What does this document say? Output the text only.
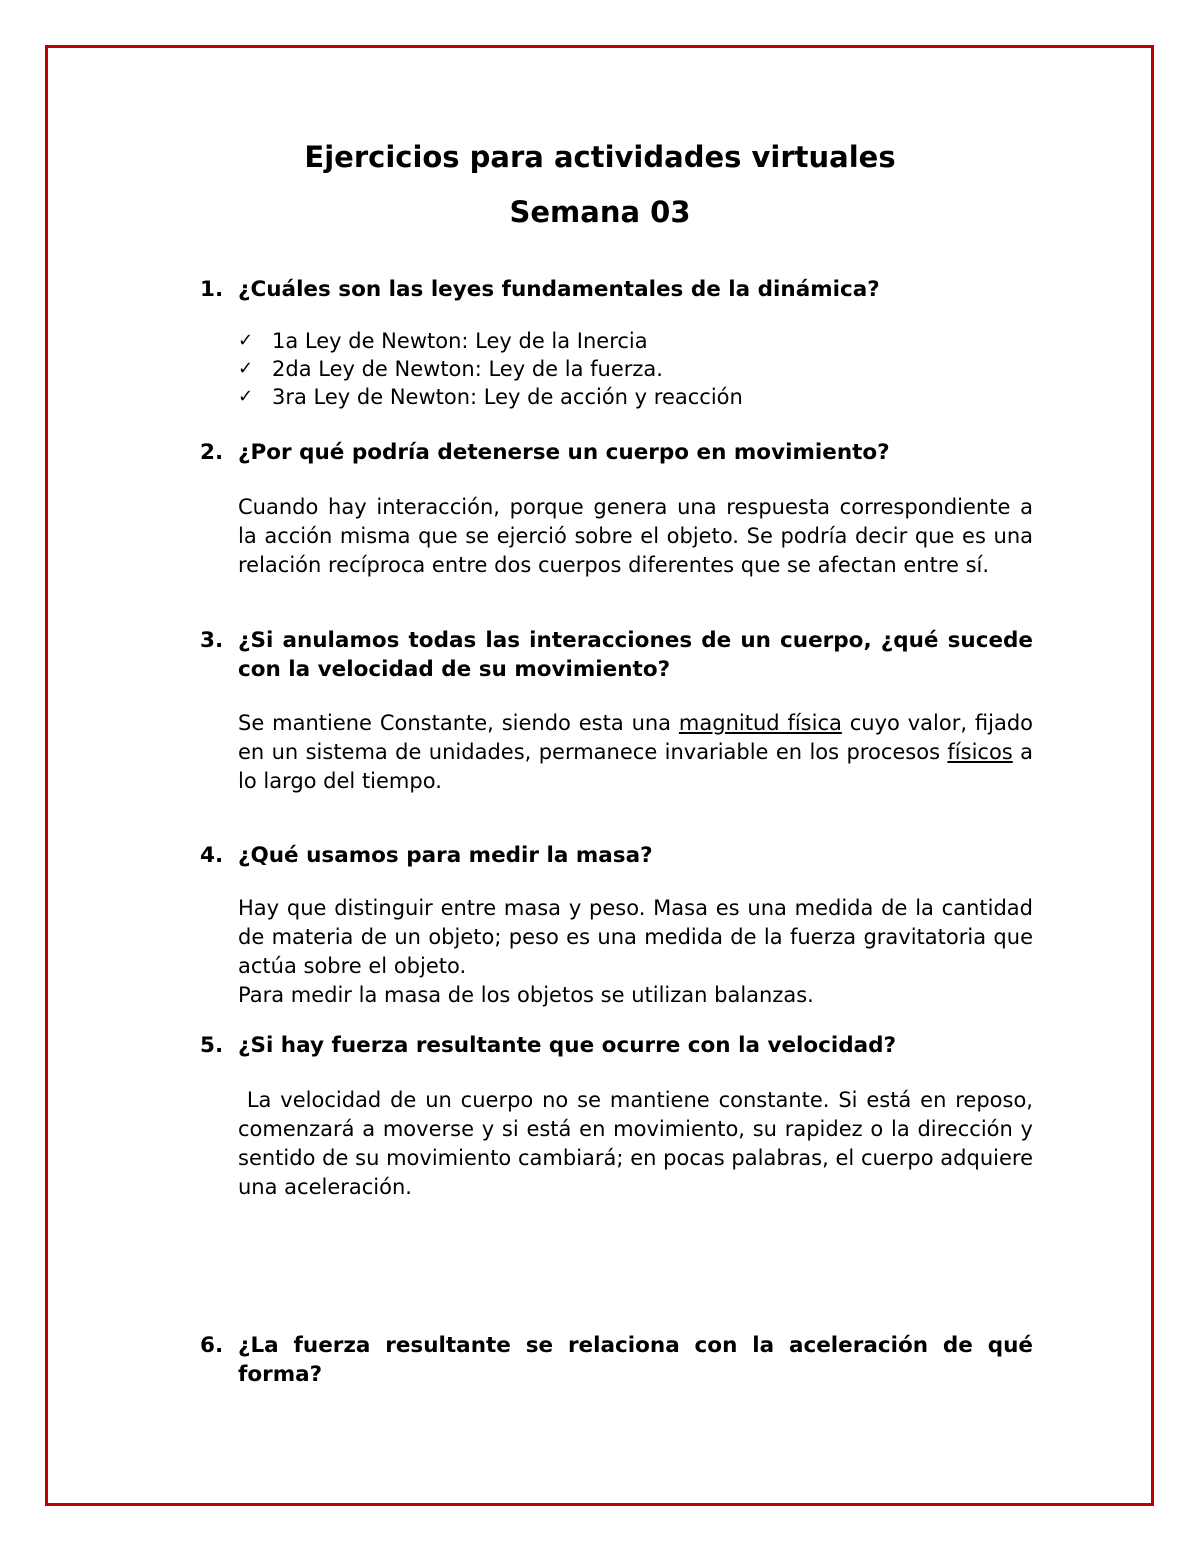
Ejercicios para actividades virtuales
Semana 03
1. ¿Cuáles son las leyes fundamentales de la dinámica?
✓ 1a Ley de Newton: Ley de la Inercia
✓ 2da Ley de Newton: Ley de la fuerza.
✓ 3ra Ley de Newton: Ley de acción y reacción
2. ¿Por qué podría detenerse un cuerpo en movimiento?
Cuando hay interacción, porque genera una respuesta correspondiente a la acción misma que se ejerció sobre el objeto. Se podría decir que es una relación recíproca entre dos cuerpos diferentes que se afectan entre sí.
3. ¿Si anulamos todas las interacciones de un cuerpo, ¿qué sucede con la velocidad de su movimiento?
Se mantiene Constante, siendo esta una magnitud física cuyo valor, fijado en un sistema de unidades, permanece invariable en los procesos físicos a lo largo del tiempo.
4. ¿Qué usamos para medir la masa?

Hay que distinguir entre masa y peso. Masa es una medida de la cantidad de materia de un objeto; peso es una medida de la fuerza gravitatoria que actúa sobre el objeto.

Para medir la masa de los objetos se utilizan balanzas.

5. ¿Si hay fuerza resultante que ocurre con la velocidad?
La velocidad de un cuerpo no se mantiene constante. Si está en reposo, comenzará a moverse y si está en movimiento, su rapidez o la dirección y sentido de su movimiento cambiará; en pocas palabras, el cuerpo adquiere una aceleración.
6. ¿La fuerza resultante se relaciona con la aceleración de qué forma?
